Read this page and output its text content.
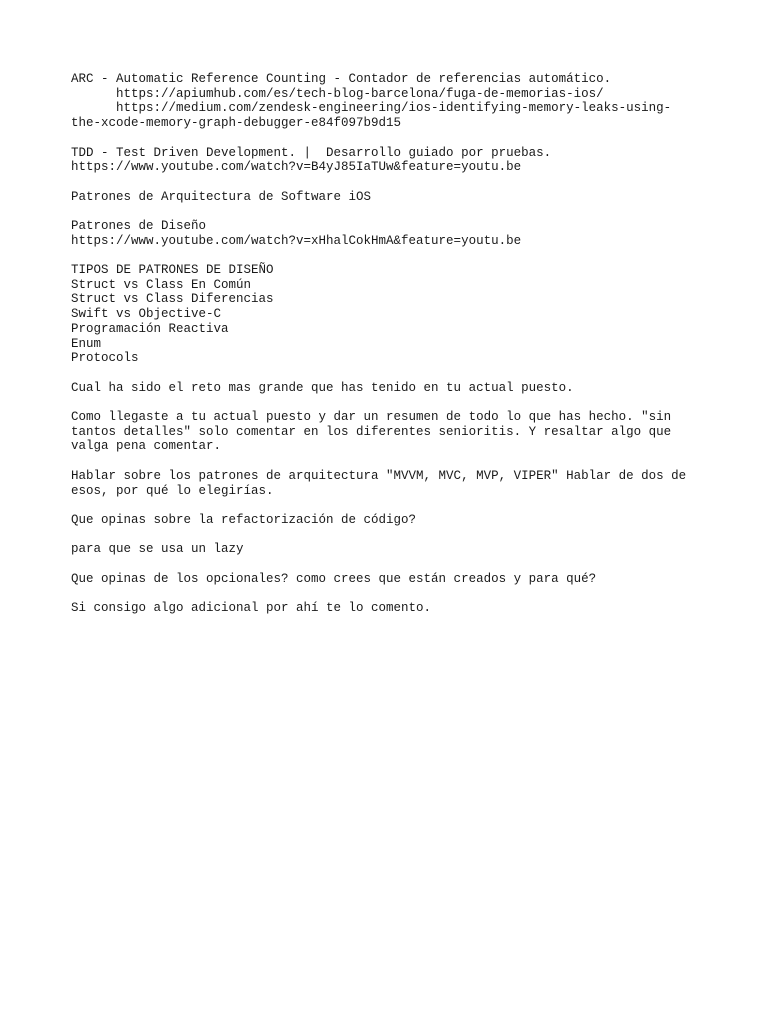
ARC - Automatic Reference Counting - Contador de referencias automático.
https://apiumhub.com/es/tech-blog-barcelona/fuga-de-memorias-ios/
https://medium.com/zendesk-engineering/ios-identifying-memory-leaks-using-
the-xcode-memory-graph-debugger-e84f097b9d15
TDD - Test Driven Development. |  Desarrollo guiado por pruebas.
https://www.youtube.com/watch?v=B4yJ85IaTUw&feature=youtu.be
Patrones de Arquitectura de Software iOS
Patrones de Diseño
https://www.youtube.com/watch?v=xHhalCokHmA&feature=youtu.be
TIPOS DE PATRONES DE DISEÑO
Struct vs Class En Común
Struct vs Class Diferencias
Swift vs Objective-C
Programación Reactiva
Enum
Protocols
Cual ha sido el reto mas grande que has tenido en tu actual puesto.
Como llegaste a tu actual puesto y dar un resumen de todo lo que has hecho. "sin
tantos detalles" solo comentar en los diferentes senioritis. Y resaltar algo que
valga pena comentar.
Hablar sobre los patrones de arquitectura "MVVM, MVC, MVP, VIPER" Hablar de dos de
esos, por qué lo elegirías.
Que opinas sobre la refactorización de código?
para que se usa un lazy
Que opinas de los opcionales? como crees que están creados y para qué?
Si consigo algo adicional por ahí te lo comento.
